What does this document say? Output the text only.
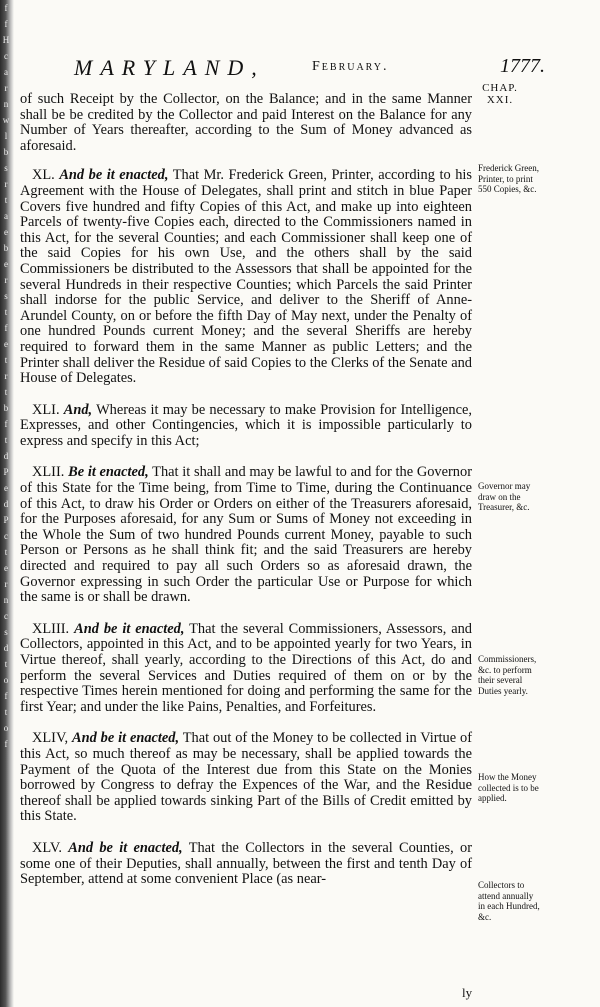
f
f
H
c
a
r
n
w
l
b
s
r
t
a
e
b
e
r
s
t
f
e
t
r
t
b
f
t
d
P
e
d
P
c
t
e
r
n
c
s
d
t
o
f
t
o
f
MARYLAND,	February.	1777.
CHAP.
XXI.

of such Receipt by the Collector, on the Balance; and in the same Manner shall be be credited by the Collector and paid Interest on the Balance for any Number of Years thereafter, according to the Sum of Money advanced as aforesaid.

XL. And be it enacted, That Mr. Frederick Green, Printer, according to his Agreement with the House of Delegates, shall print and stitch in blue Paper Covers five hundred and fifty Copies of this Act, and make up into eighteen Parcels of twenty-five Copies each, directed to the Commissioners named in this Act, for the several Counties; and each Commissioner shall keep one of the said Copies for his own Use, and the others shall by the said Commissioners be distributed to the Assessors that shall be appointed for the several Hundreds in their respective Counties; which Parcels the said Printer shall indorse for the public Service, and deliver to the Sheriff of Anne-Arundel County, on or before the fifth Day of May next, under the Penalty of one hundred Pounds current Money; and the several Sheriffs are hereby required to forward them in the same Manner as public Letters; and the Printer shall deliver the Residue of said Copies to the Clerks of the Senate and House of Delegates.

XLI. And, Whereas it may be necessary to make Provision for Intelligence, Expresses, and other Contingencies, which it is impossible particularly to express and specify in this Act;

XLII. Be it enacted, That it shall and may be lawful to and for the Governor of this State for the Time being, from Time to Time, during the Continuance of this Act, to draw his Order or Orders on either of the Treasurers aforesaid, for the Purposes aforesaid, for any Sum or Sums of Money not exceeding in the Whole the Sum of two hundred Pounds current Money, payable to such Person or Persons as he shall think fit; and the said Treasurers are hereby directed and required to pay all such Orders so as aforesaid drawn, the Governor expressing in such Order the particular Use or Purpose for which the same is or shall be drawn.

XLIII. And be it enacted, That the several Commissioners, Assessors, and Collectors, appointed in this Act, and to be appointed yearly for two Years, in Virtue thereof, shall yearly, according to the Directions of this Act, do and perform the several Services and Duties required of them on or by the respective Times herein mentioned for doing and performing the same for the first Year; and under the like Pains, Penalties, and Forfeitures.

XLIV, And be it enacted, That out of the Money to be collected in Virtue of this Act, so much thereof as may be necessary, shall be applied towards the Payment of the Quota of the Interest due from this State on the Monies borrowed by Congress to defray the Expences of the War, and the Residue thereof shall be applied towards sinking Part of the Bills of Credit emitted by this State.

XLV. And be it enacted, That the Collectors in the several Counties, or some one of their Deputies, shall annually, between the first and tenth Day of September, attend at some convenient Place (as near-

Frederick Green, Printer, to print 550 Copies, &c.
Governor may draw on the Treasurer, &c.
Commissioners, &c. to perform their several Duties yearly.
How the Money collected is to be applied.
Collectors to attend annually in each Hundred, &c.
ly
